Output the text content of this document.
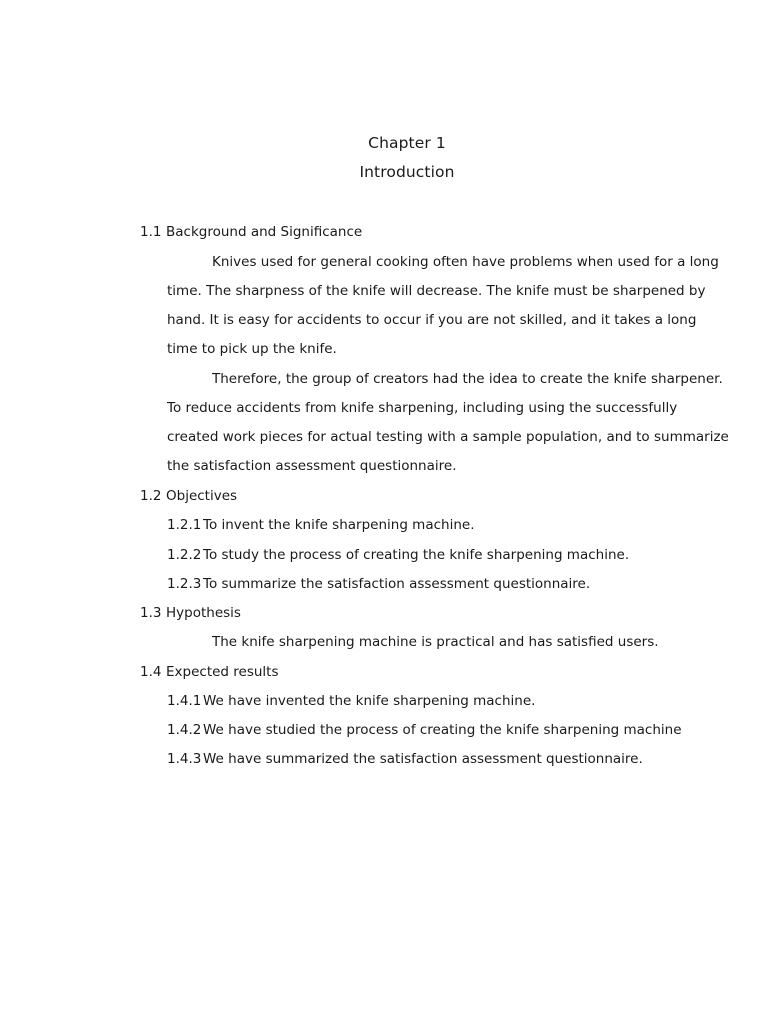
Chapter 1
Introduction
1.1 Background and Significance
Knives used for general cooking often have problems when used for a long
time. The sharpness of the knife will decrease. The knife must be sharpened by
hand. It is easy for accidents to occur if you are not skilled, and it takes a long
time to pick up the knife.
Therefore, the group of creators had the idea to create the knife sharpener.
To reduce accidents from knife sharpening, including using the successfully
created work pieces for actual testing with a sample population, and to summarize
the satisfaction assessment questionnaire.
1.2 Objectives
1.2.1 To invent the knife sharpening machine.
1.2.2 To study the process of creating the knife sharpening machine.
1.2.3 To summarize the satisfaction assessment questionnaire.
1.3 Hypothesis
The knife sharpening machine is practical and has satisfied users.
1.4 Expected results
1.4.1 We have invented the knife sharpening machine.
1.4.2 We have studied the process of creating the knife sharpening machine
1.4.3 We have summarized the satisfaction assessment questionnaire.
